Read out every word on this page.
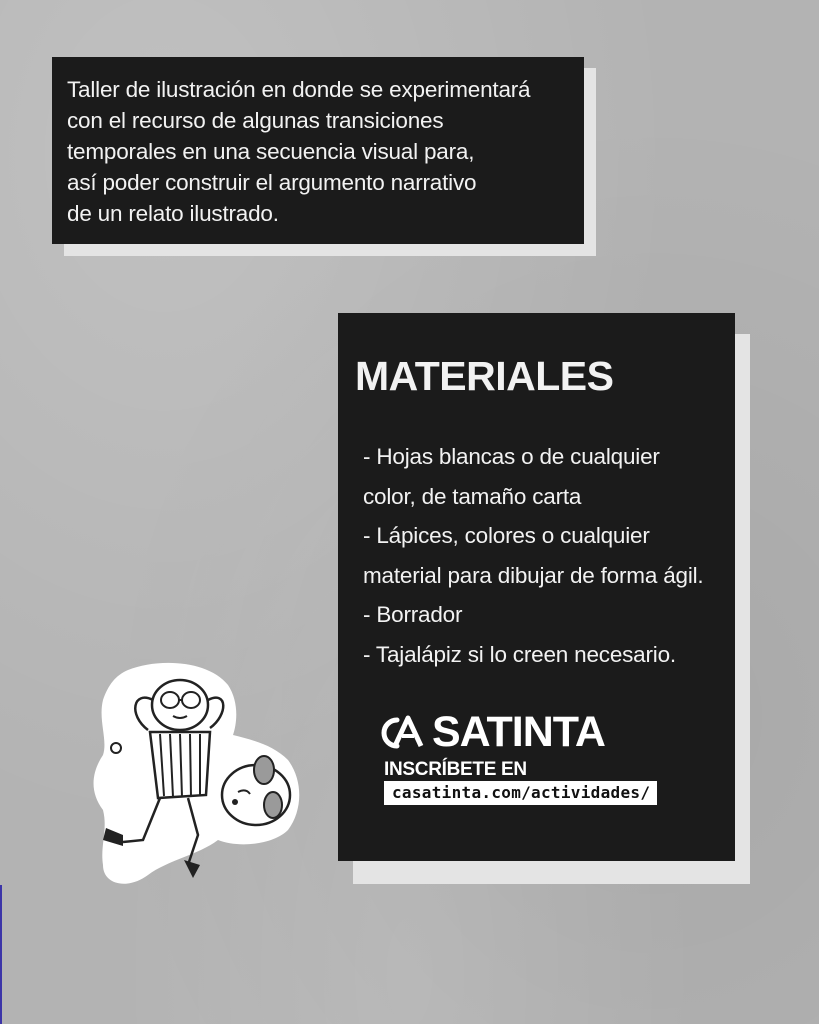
Taller de ilustración en donde se experimentará
con el recurso de algunas transiciones
temporales en una secuencia visual para,
así poder construir el argumento narrativo
de un relato ilustrado.
MATERIALES
- Hojas blancas o de cualquier
color, de tamaño carta
- Lápices, colores o cualquier
material para dibujar de forma ágil.
- Borrador
- Tajalápiz si lo creen necesario.
SATINTA
INSCRÍBETE EN
casatinta.com/actividades/
